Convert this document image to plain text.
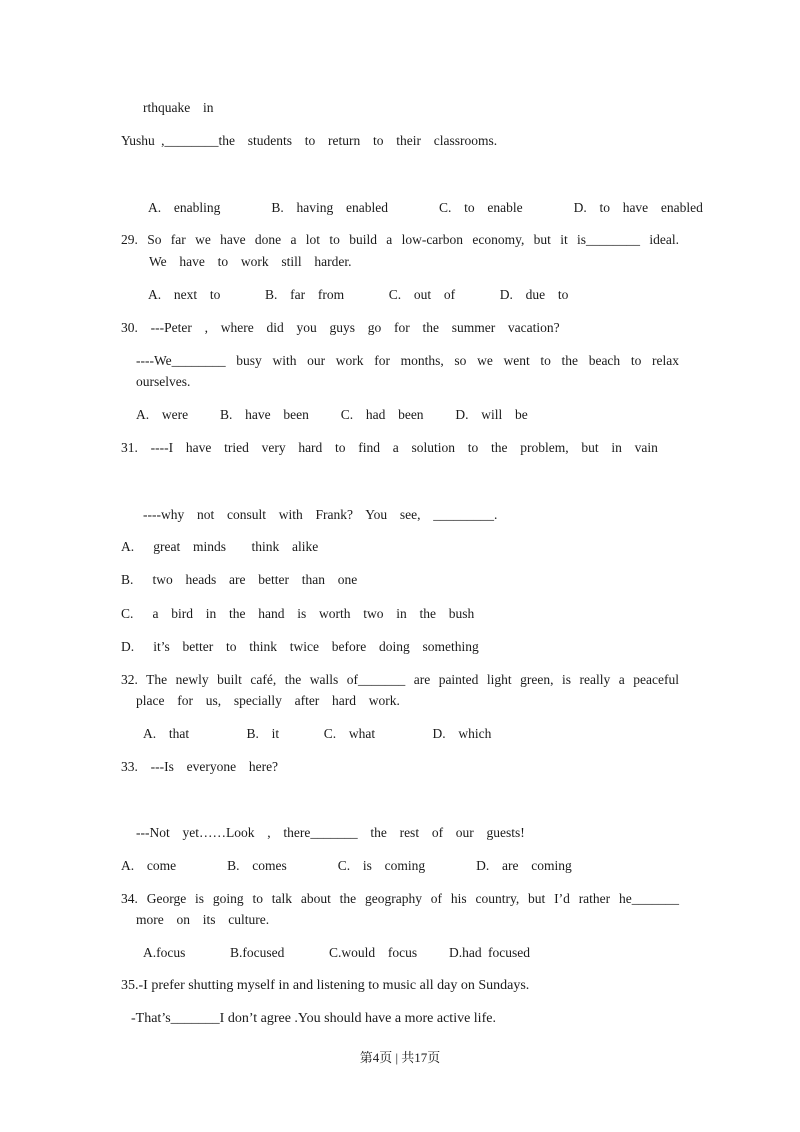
rthquake  in
Yushu ,________the  students  to  return  to  their  classrooms.
A.  enabling        B.  having  enabled        C.  to  enable        D.  to  have  enabled
29. So far we have done a lot to build a low-carbon economy, but it is________ ideal.
We  have  to  work  still  harder.
A.  next  to       B.  far  from       C.  out  of       D.  due  to
30.  ---Peter  ,  where  did  you  guys  go  for  the  summer  vacation?
----We________ busy with our work for months, so we went to the beach to relax
ourselves.
A.  were     B.  have  been     C.  had  been     D.  will  be
31.  ----I  have  tried  very  hard  to  find  a  solution  to  the  problem,  but  in  vain
----why  not  consult  with  Frank?  You  see,  _________.
A.   great  minds    think  alike
B.   two  heads  are  better  than  one
C.   a  bird  in  the  hand  is  worth  two  in  the  bush
D.   it’s  better  to  think  twice  before  doing  something
32. The newly built café, the walls of_______ are painted light green, is really a peaceful
place  for  us,  specially  after  hard  work.
A.  that         B.  it       C.  what         D.  which
33.  ---Is  everyone  here?
---Not  yet……Look  ,  there_______  the  rest  of  our  guests!
A.  come        B.  comes        C.  is  coming        D.  are  coming
34. George is going to talk about the geography of his country, but I’d rather he_______
more  on  its  culture.
A.focus       B.focused       C.would  focus     D.had focused
35.-I prefer shutting myself in and listening to music all day on Sundays.
-That’s_______I don’t agree .You should have a more active life.
第4页 | 共17页
